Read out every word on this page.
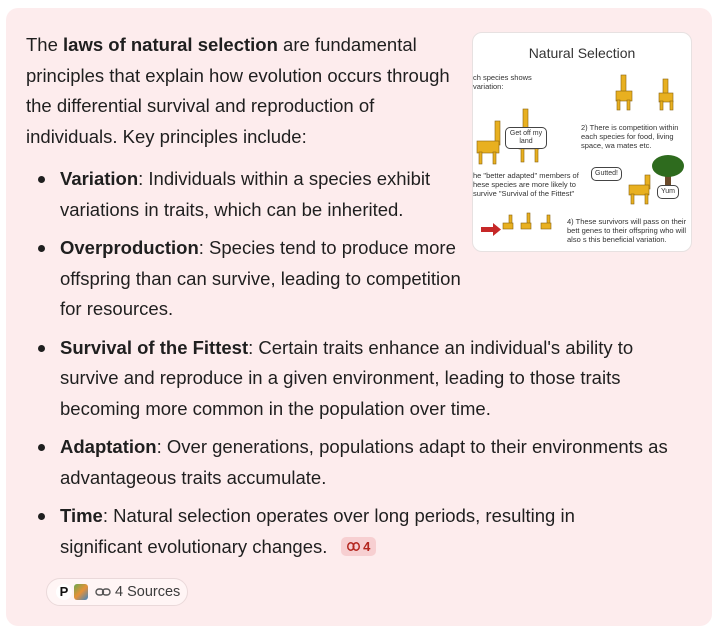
The laws of natural selection are fundamental principles that explain how evolution occurs through the differential survival and reproduction of individuals. Key principles include:
Natural Selection
ch species shows variation:
Get off my land
2) There is competition within each species for food, living space, wa mates etc.
he "better adapted" members of hese species are more likely to survive "Survival of the Fittest"
Gutted!
Yum
4) These survivors will pass on their bett genes to their offspring who will also s this beneficial variation.
Variation: Individuals within a species exhibit variations in traits, which can be inherited.
Overproduction: Species tend to produce more offspring than can survive, leading to competition for resources.
Survival of the Fittest: Certain traits enhance an individual's ability to survive and reproduce in a given environment, leading to those traits becoming more common in the population over time.
Adaptation: Over generations, populations adapt to their environments as advantageous traits accumulate.
Time: Natural selection operates over long periods, resulting in significant evolutionary changes.	4
P	4 Sources
